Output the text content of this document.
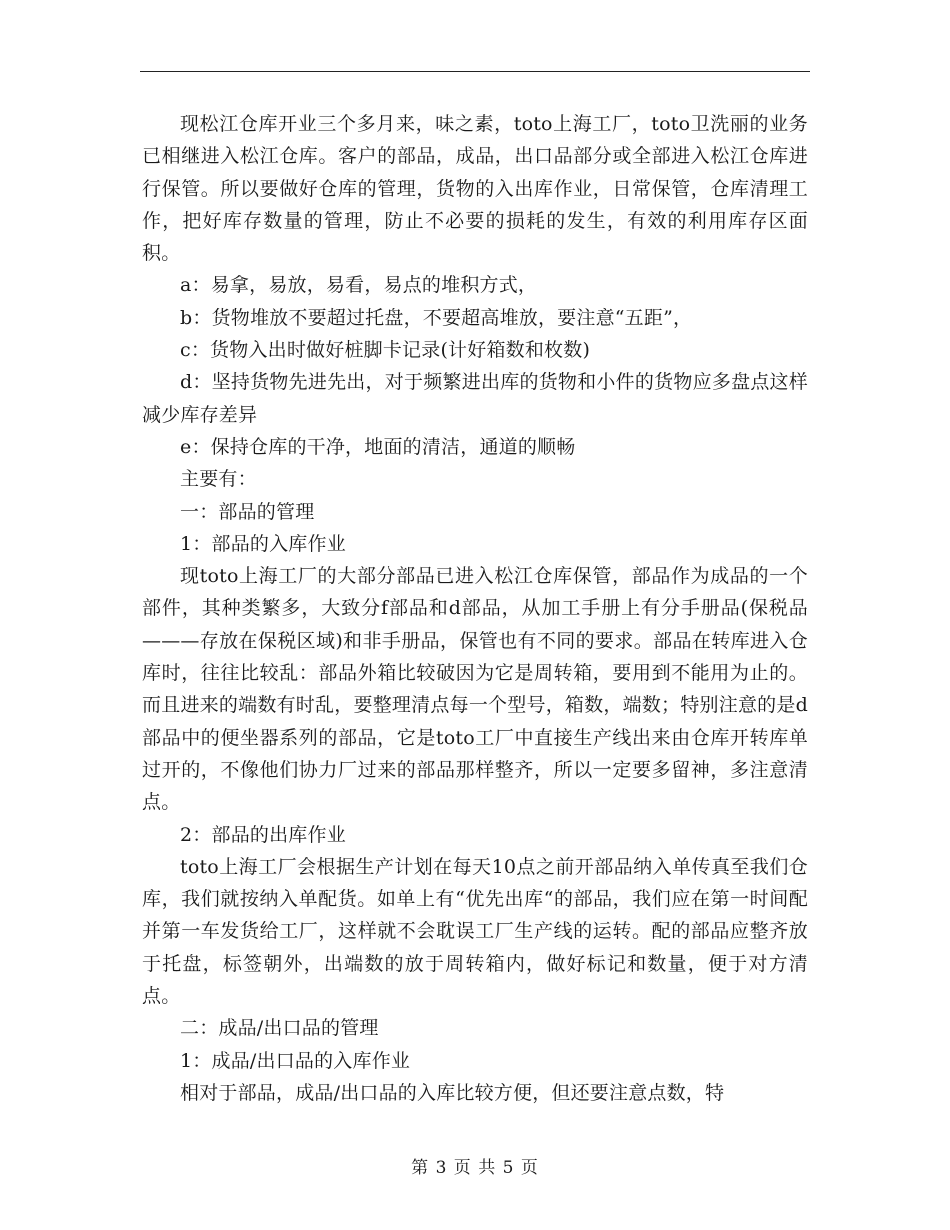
现松江仓库开业三个多月来，味之素，toto上海工厂，toto卫洗丽的业务已相继进入松江仓库。客户的部品，成品，出口品部分或全部进入松江仓库进行保管。所以要做好仓库的管理，货物的入出库作业，日常保管，仓库清理工作，把好库存数量的管理，防止不必要的损耗的发生，有效的利用库存区面积。

a：易拿，易放，易看，易点的堆积方式，

b：货物堆放不要超过托盘，不要超高堆放，要注意“五距”，

c：货物入出时做好桩脚卡记录(计好箱数和枚数)

d：坚持货物先进先出，对于频繁进出库的货物和小件的货物应多盘点这样减少库存差异

e：保持仓库的干净，地面的清洁，通道的顺畅

主要有：

一：部品的管理

1：部品的入库作业

现toto上海工厂的大部分部品已进入松江仓库保管，部品作为成品的一个部件，其种类繁多，大致分f部品和d部品，从加工手册上有分手册品(保税品———存放在保税区域)和非手册品，保管也有不同的要求。部品在转库进入仓库时，往往比较乱：部品外箱比较破因为它是周转箱，要用到不能用为止的。而且进来的端数有时乱，要整理清点每一个型号，箱数，端数；特别注意的是d部品中的便坐器系列的部品，它是toto工厂中直接生产线出来由仓库开转库单过开的，不像他们协力厂过来的部品那样整齐，所以一定要多留神，多注意清点。

2：部品的出库作业

toto上海工厂会根据生产计划在每天10点之前开部品纳入单传真至我们仓库，我们就按纳入单配货。如单上有“优先出库“的部品，我们应在第一时间配并第一车发货给工厂，这样就不会耽误工厂生产线的运转。配的部品应整齐放于托盘，标签朝外，出端数的放于周转箱内，做好标记和数量，便于对方清点。

二：成品/出口品的管理

1：成品/出口品的入库作业

相对于部品，成品/出口品的入库比较方便，但还要注意点数，特

第 3 页 共 5 页
